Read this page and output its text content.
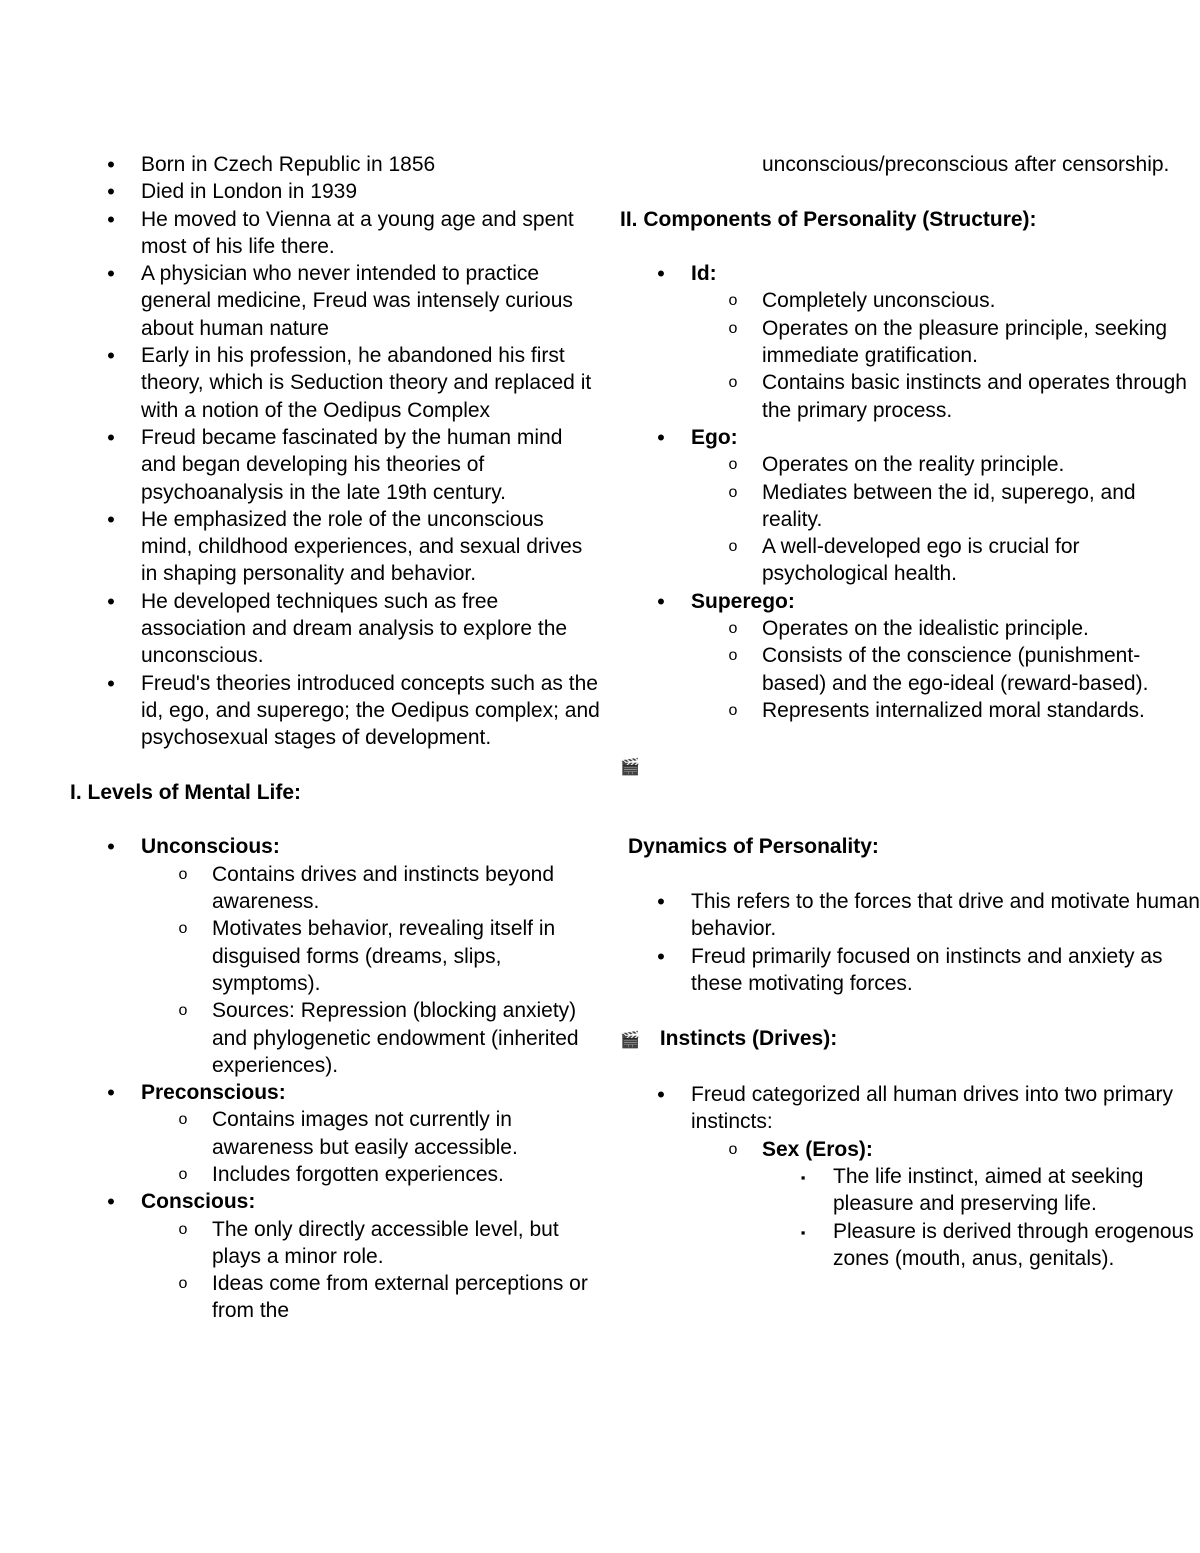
• Born in Czech Republic in 1856
• Died in London in 1939
• He moved to Vienna at a young age and spent most of his life there.
• A physician who never intended to practice general medicine, Freud was intensely curious about human nature
• Early in his profession, he abandoned his first theory, which is Seduction theory and replaced it with a notion of the Oedipus Complex
• Freud became fascinated by the human mind and began developing his theories of psychoanalysis in the late 19th century.
• He emphasized the role of the unconscious mind, childhood experiences, and sexual drives in shaping personality and behavior.
• He developed techniques such as free association and dream analysis to explore the unconscious.
• Freud's theories introduced concepts such as the id, ego, and superego; the Oedipus complex; and psychosexual stages of development.
I. Levels of Mental Life:
• Unconscious:
o Contains drives and instincts beyond awareness.
o Motivates behavior, revealing itself in disguised forms (dreams, slips, symptoms).
o Sources: Repression (blocking anxiety) and phylogenetic endowment (inherited experiences).
• Preconscious:
o Contains images not currently in awareness but easily accessible.
o Includes forgotten experiences.
• Conscious:
o The only directly accessible level, but plays a minor role.
o Ideas come from external perceptions or from the
unconscious/preconscious after censorship.
II. Components of Personality (Structure):
• Id:
o Completely unconscious.
o Operates on the pleasure principle, seeking immediate gratification.
o Contains basic instincts and operates through the primary process.
• Ego:
o Operates on the reality principle.
o Mediates between the id, superego, and reality.
o A well-developed ego is crucial for psychological health.
• Superego:
o Operates on the idealistic principle.
o Consists of the conscience (punishment-based) and the ego-ideal (reward-based).
o Represents internalized moral standards.
🎬
Dynamics of Personality:
• This refers to the forces that drive and motivate human behavior.
• Freud primarily focused on instincts and anxiety as these motivating forces.
🎬 Instincts (Drives):
• Freud categorized all human drives into two primary instincts:
o Sex (Eros):
▪ The life instinct, aimed at seeking pleasure and preserving life.
▪ Pleasure is derived through erogenous zones (mouth, anus, genitals).
